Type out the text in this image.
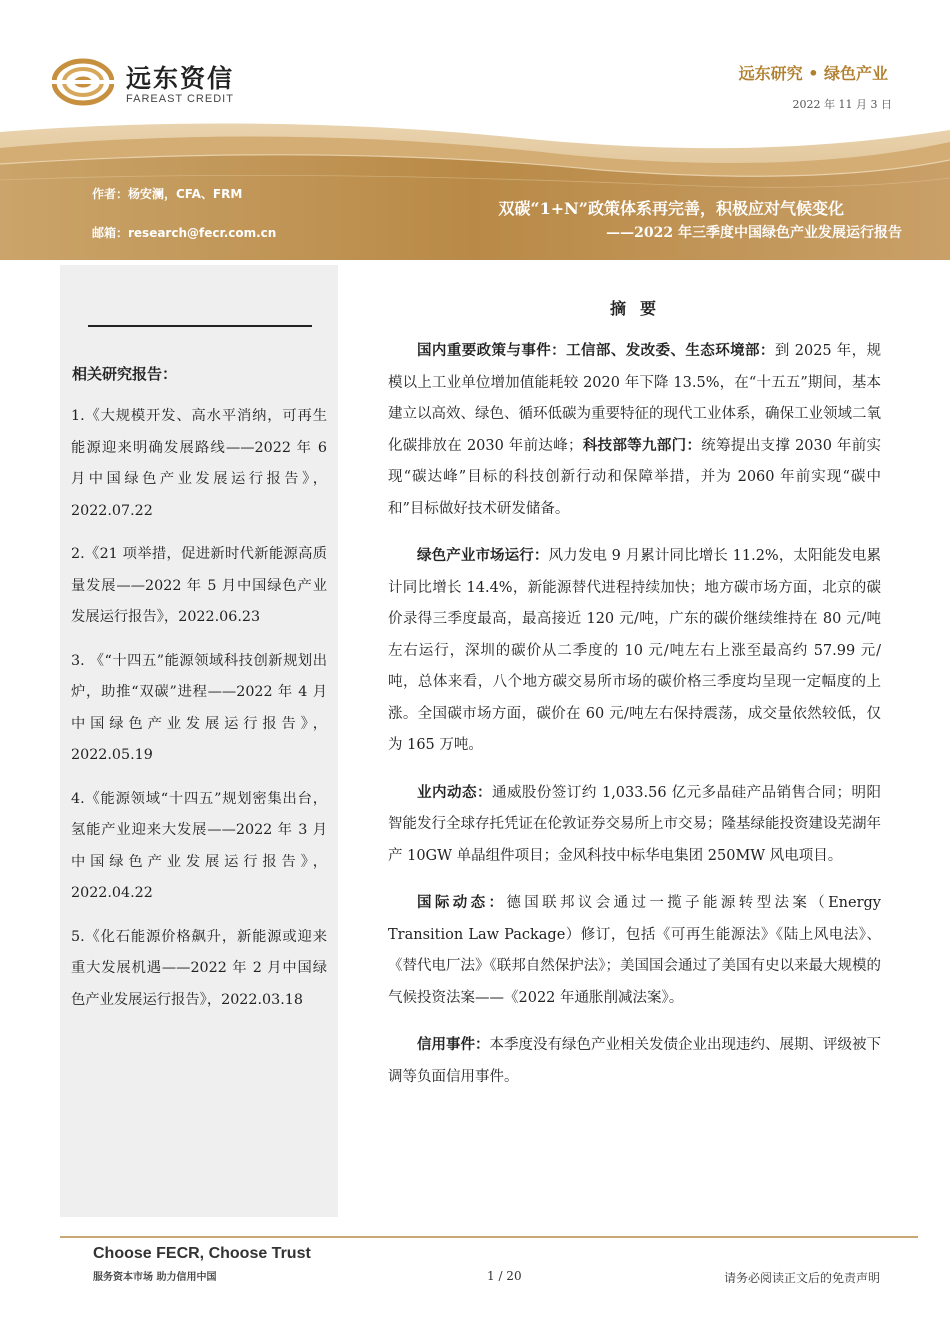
远东资信
FAREAST CREDIT
远东研究 • 绿色产业
2022 年 11 月 3 日
作者：杨安澜，CFA、FRM
邮箱：research@fecr.com.cn
双碳“1+N”政策体系再完善，积极应对气候变化
——2022 年三季度中国绿色产业发展运行报告
相关研究报告：

1.《大规模开发、高水平消纳，可再生能源迎来明确发展路线——2022 年 6 月中国绿色产业发展运行报告》，2022.07.22

2.《21 项举措，促进新时代新能源高质量发展——2022 年 5 月中国绿色产业发展运行报告》，2022.06.23

3. 《“十四五”能源领域科技创新规划出炉，助推“双碳”进程——2022 年 4 月中国绿色产业发展运行报告》，2022.05.19

4.《能源领域“十四五”规划密集出台，氢能产业迎来大发展——2022 年 3 月中国绿色产业发展运行报告》，2022.04.22

5.《化石能源价格飙升，新能源或迎来重大发展机遇——2022 年 2 月中国绿色产业发展运行报告》，2022.03.18

摘要

国内重要政策与事件：工信部、发改委、生态环境部：到 2025 年，规模以上工业单位增加值能耗较 2020 年下降 13.5%，在“十五五”期间，基本建立以高效、绿色、循环低碳为重要特征的现代工业体系，确保工业领域二氧化碳排放在 2030 年前达峰；科技部等九部门：统筹提出支撑 2030 年前实现“碳达峰”目标的科技创新行动和保障举措，并为 2060 年前实现“碳中和”目标做好技术研发储备。

绿色产业市场运行：风力发电 9 月累计同比增长 11.2%，太阳能发电累计同比增长 14.4%，新能源替代进程持续加快；地方碳市场方面，北京的碳价录得三季度最高，最高接近 120 元/吨，广东的碳价继续维持在 80 元/吨左右运行，深圳的碳价从二季度的 10 元/吨左右上涨至最高约 57.99 元/吨，总体来看，八个地方碳交易所市场的碳价格三季度均呈现一定幅度的上涨。全国碳市场方面，碳价在 60 元/吨左右保持震荡，成交量依然较低，仅为 165 万吨。

业内动态：通威股份签订约 1,033.56 亿元多晶硅产品销售合同；明阳智能发行全球存托凭证在伦敦证券交易所上市交易；隆基绿能投资建设芜湖年产 10GW 单晶组件项目；金风科技中标华电集团 250MW 风电项目。

国际动态：德国联邦议会通过一揽子能源转型法案（Energy Transition Law Package）修订，包括《可再生能源法》《陆上风电法》、《替代电厂法》《联邦自然保护法》；美国国会通过了美国有史以来最大规模的气候投资法案——《2022 年通胀削减法案》。

信用事件：本季度没有绿色产业相关发债企业出现违约、展期、评级被下调等负面信用事件。

Choose FECR, Choose Trust
服务资本市场 助力信用中国	1 / 20	请务必阅读正文后的免责声明
